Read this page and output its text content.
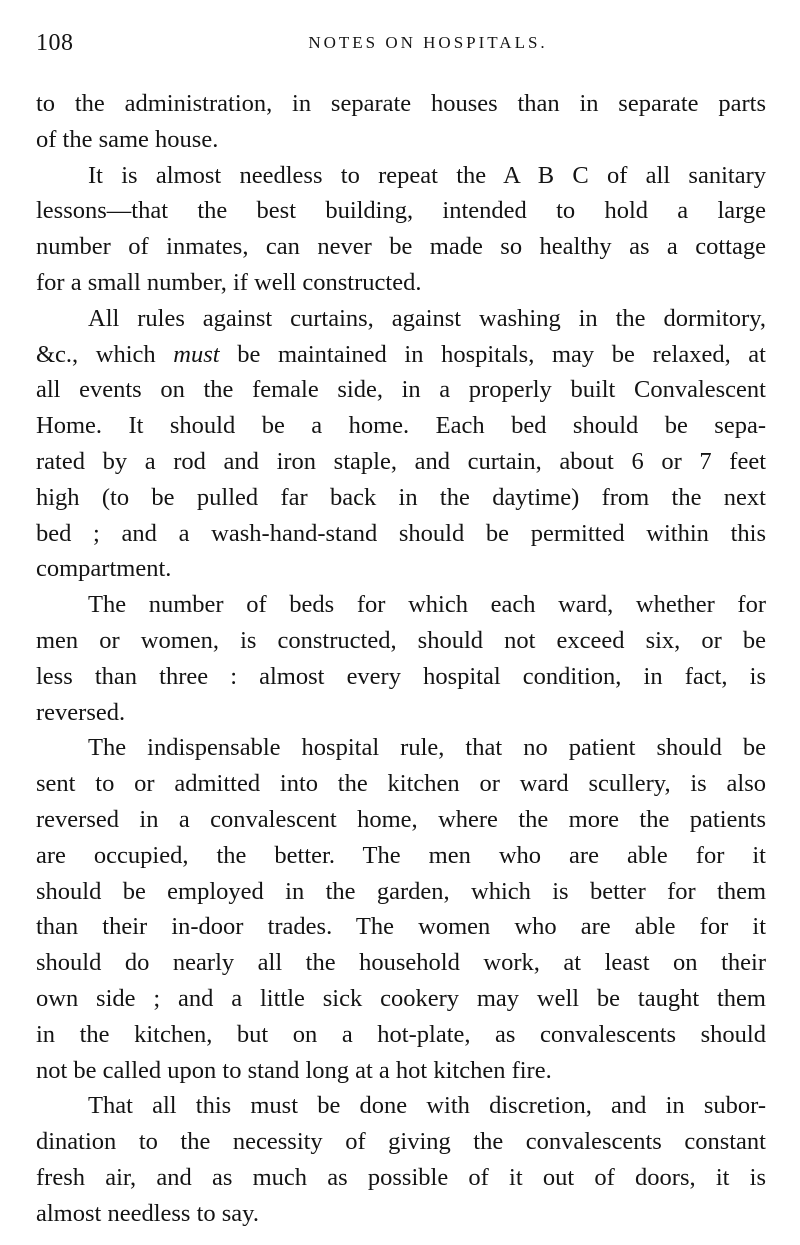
108	NOTES ON HOSPITALS.
to the administration, in separate houses than in separate parts
of the same house.
It is almost needless to repeat the A B C of all sanitary
lessons—that the best building, intended to hold a large
number of inmates, can never be made so healthy as a cottage
for a small number, if well constructed.
All rules against curtains, against washing in the dormitory,
&c., which must be maintained in hospitals, may be relaxed, at
all events on the female side, in a properly built Convalescent
Home. It should be a home. Each bed should be sepa-
rated by a rod and iron staple, and curtain, about 6 or 7 feet
high (to be pulled far back in the daytime) from the next
bed ; and a wash-hand-stand should be permitted within this
compartment.
The number of beds for which each ward, whether for
men or women, is constructed, should not exceed six, or be
less than three : almost every hospital condition, in fact, is
reversed.
The indispensable hospital rule, that no patient should be
sent to or admitted into the kitchen or ward scullery, is also
reversed in a convalescent home, where the more the patients
are occupied, the better. The men who are able for it
should be employed in the garden, which is better for them
than their in-door trades. The women who are able for it
should do nearly all the household work, at least on their
own side ; and a little sick cookery may well be taught them
in the kitchen, but on a hot-plate, as convalescents should
not be called upon to stand long at a hot kitchen fire.
That all this must be done with discretion, and in subor-
dination to the necessity of giving the convalescents constant
fresh air, and as much as possible of it out of doors, it is
almost needless to say.
